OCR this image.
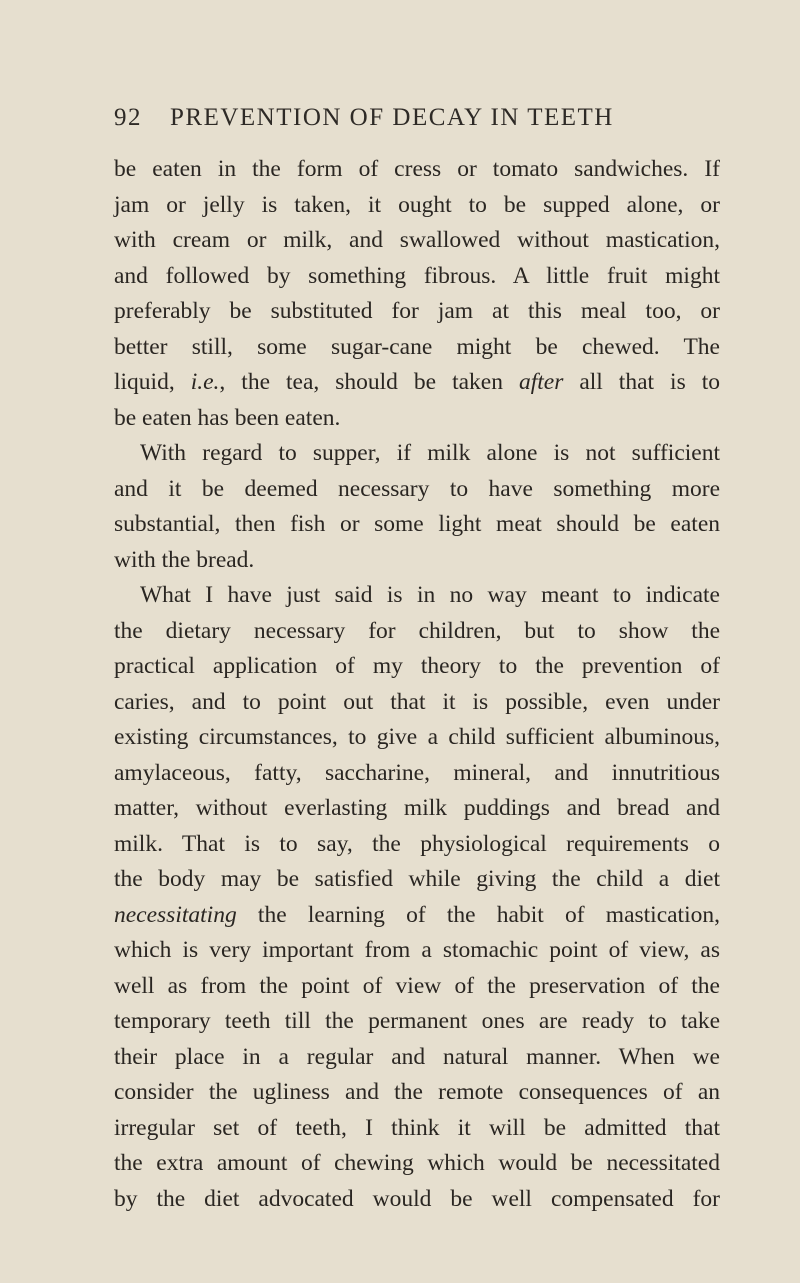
92 PREVENTION OF DECAY IN TEETH
be eaten in the form of cress or tomato sandwiches. If
jam or jelly is taken, it ought to be supped alone, or
with cream or milk, and swallowed without mastication,
and followed by something fibrous. A little fruit might
preferably be substituted for jam at this meal too, or
better still, some sugar-cane might be chewed. The
liquid, i.e., the tea, should be taken after all that is to
be eaten has been eaten.
With regard to supper, if milk alone is not sufficient
and it be deemed necessary to have something more
substantial, then fish or some light meat should be eaten
with the bread.
What I have just said is in no way meant to indicate
the dietary necessary for children, but to show the
practical application of my theory to the prevention of
caries, and to point out that it is possible, even under
existing circumstances, to give a child sufficient albuminous,
amylaceous, fatty, saccharine, mineral, and innutritious
matter, without everlasting milk puddings and bread and
milk. That is to say, the physiological requirements o
the body may be satisfied while giving the child a diet
necessitating the learning of the habit of mastication,
which is very important from a stomachic point of view, as
well as from the point of view of the preservation of the
temporary teeth till the permanent ones are ready to take
their place in a regular and natural manner. When we
consider the ugliness and the remote consequences of an
irregular set of teeth, I think it will be admitted that
the extra amount of chewing which would be necessitated
by the diet advocated would be well compensated for
